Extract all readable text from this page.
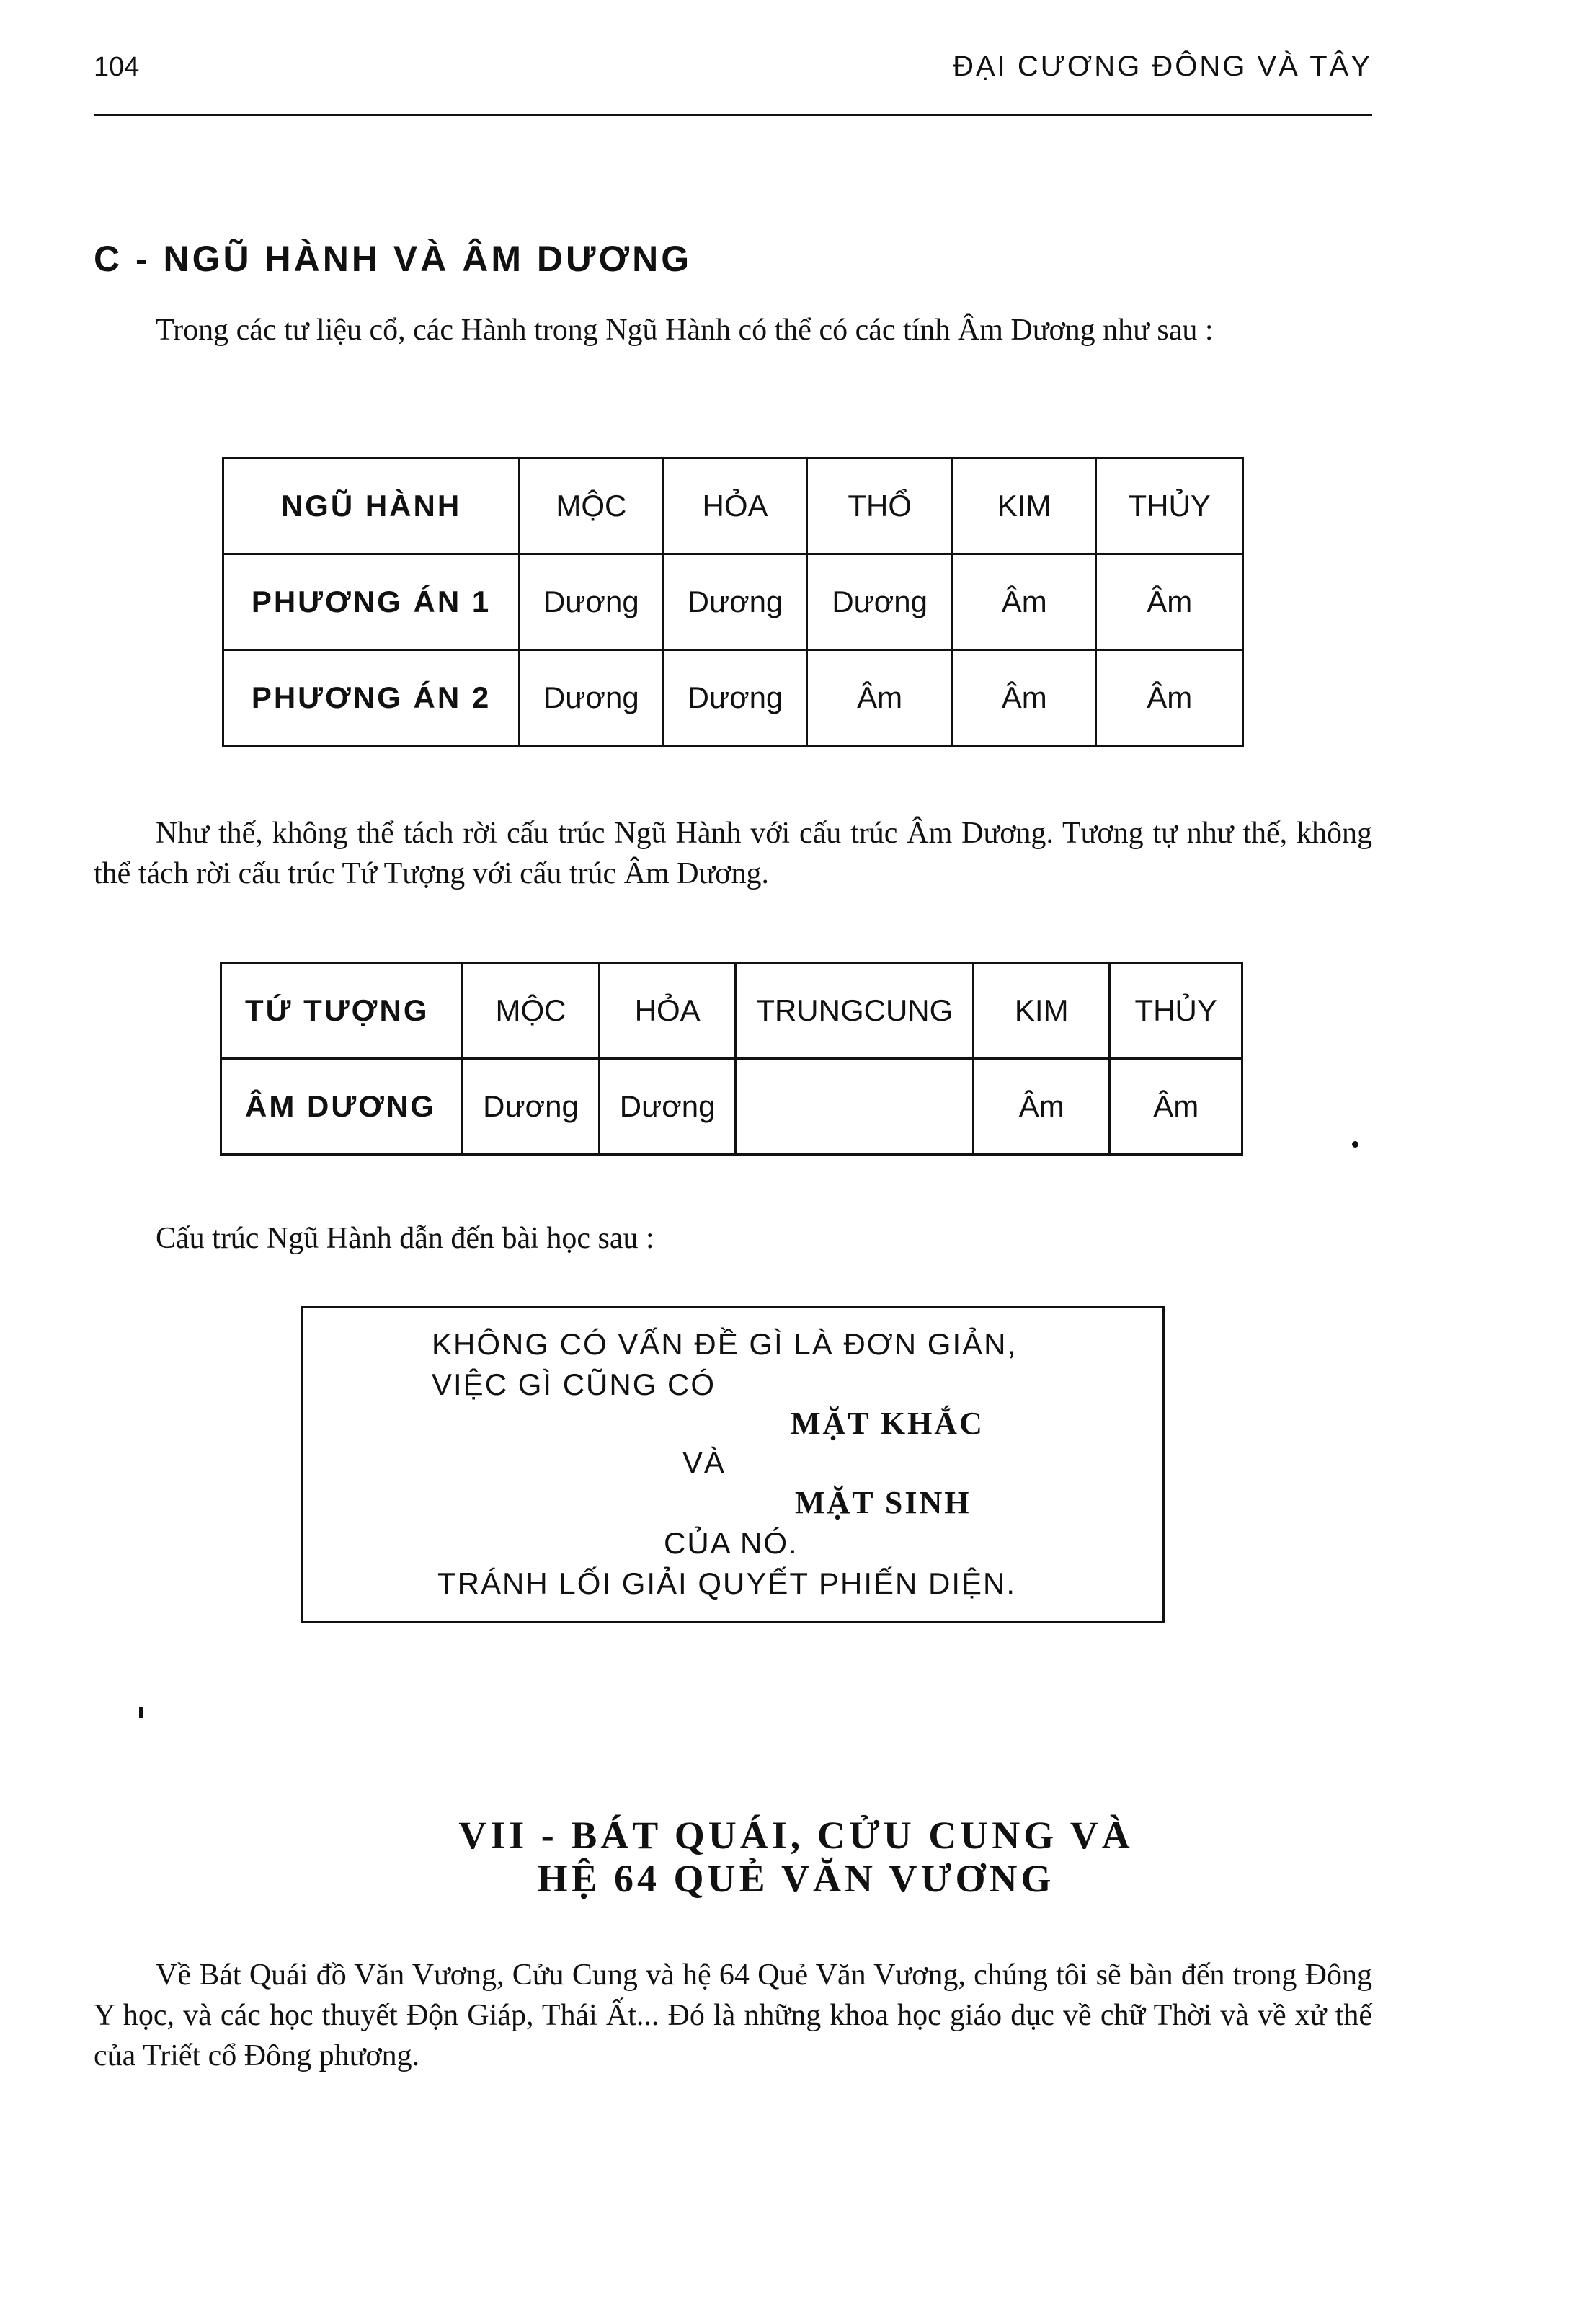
104	ĐẠI CƯƠNG ĐÔNG VÀ TÂY
C - NGŨ HÀNH VÀ ÂM DƯƠNG
Trong các tư liệu cổ, các Hành trong Ngũ Hành có thể có các tính Âm Dương như sau :
NGŨ HÀNH	MỘC	HỎA	THỔ	KIM	THỦY
PHƯƠNG ÁN 1	Dương	Dương	Dương	Âm	Âm
PHƯƠNG ÁN 2	Dương	Dương	Âm	Âm	Âm
Như thế, không thể tách rời cấu trúc Ngũ Hành với cấu trúc Âm Dương. Tương tự như thế, không thể tách rời cấu trúc Tứ Tượng với cấu trúc Âm Dương.
TỨ TƯỢNG	MỘC	HỎA	TRUNGCUNG	KIM	THỦY
ÂM DƯƠNG	Dương	Dương		Âm	Âm
Cấu trúc Ngũ Hành dẫn đến bài học sau :
KHÔNG CÓ VẤN ĐỀ GÌ LÀ ĐƠN GIẢN,
VIỆC GÌ CŨNG CÓ
MẶT KHẮC
VÀ
MẶT SINH
CỦA NÓ.
TRÁNH LỐI GIẢI QUYẾT PHIẾN DIỆN.
VII - BÁT QUÁI, CỬU CUNG VÀ
HỆ 64 QUẺ VĂN VƯƠNG
Về Bát Quái đồ Văn Vương, Cửu Cung và hệ 64 Quẻ Văn Vương, chúng tôi sẽ bàn đến trong Đông Y học, và các học thuyết Độn Giáp, Thái Ất... Đó là những khoa học giáo dục về chữ Thời và về xử thế của Triết cổ Đông phương.
